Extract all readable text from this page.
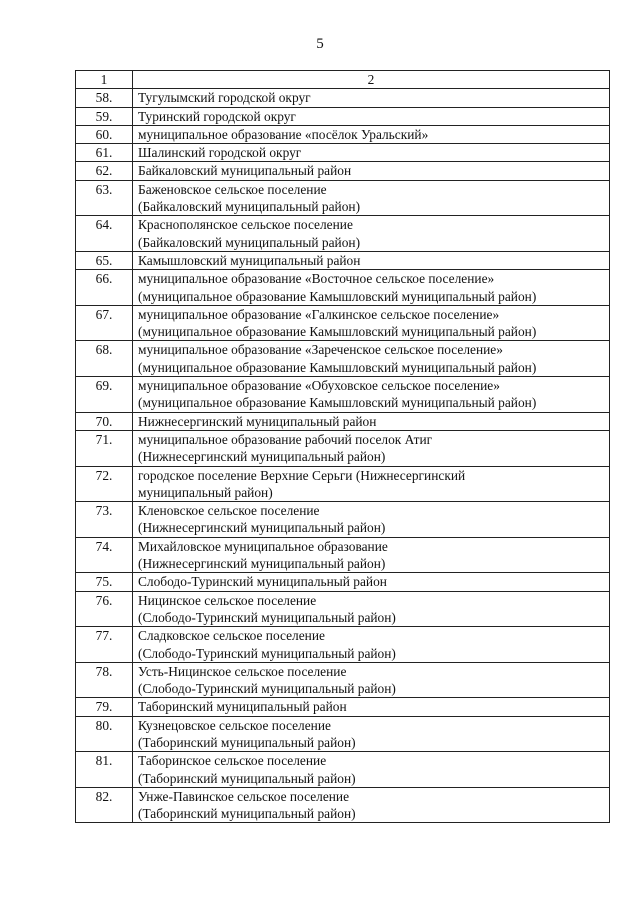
5
1	2
58.	Тугулымский городской округ

59.	Туринский городской округ

60.	муниципальное образование «посёлок Уральский»

61.	Шалинский городской округ

62.	Байкаловский муниципальный район

63.	Баженовское сельское поселение
(Байкаловский муниципальный район)

64.	Краснополянское сельское поселение
(Байкаловский муниципальный район)

65.	Камышловский муниципальный район

66.	муниципальное образование «Восточное сельское поселение»
(муниципальное образование Камышловский муниципальный район)

67.	муниципальное образование «Галкинское сельское поселение»
(муниципальное образование Камышловский муниципальный район)

68.	муниципальное образование «Зареченское сельское поселение»
(муниципальное образование Камышловский муниципальный район)

69.	муниципальное образование «Обуховское сельское поселение»
(муниципальное образование Камышловский муниципальный район)

70.	Нижнесергинский муниципальный район

71.	муниципальное образование рабочий поселок Атиг
(Нижнесергинский муниципальный район)

72.	городское поселение Верхние Серьги (Нижнесергинский
муниципальный район)

73.	Кленовское сельское поселение
(Нижнесергинский муниципальный район)

74.	Михайловское муниципальное образование
(Нижнесергинский муниципальный район)

75.	Слободо-Туринский муниципальный район

76.	Ницинское сельское поселение
(Слободо-Туринский муниципальный район)

77.	Сладковское сельское поселение
(Слободо-Туринский муниципальный район)

78.	Усть-Ницинское сельское поселение
(Слободо-Туринский муниципальный район)

79.	Таборинский муниципальный район

80.	Кузнецовское сельское поселение
(Таборинский муниципальный район)

81.	Таборинское сельское поселение
(Таборинский муниципальный район)

82.	Унже-Павинское сельское поселение
(Таборинский муниципальный район)
